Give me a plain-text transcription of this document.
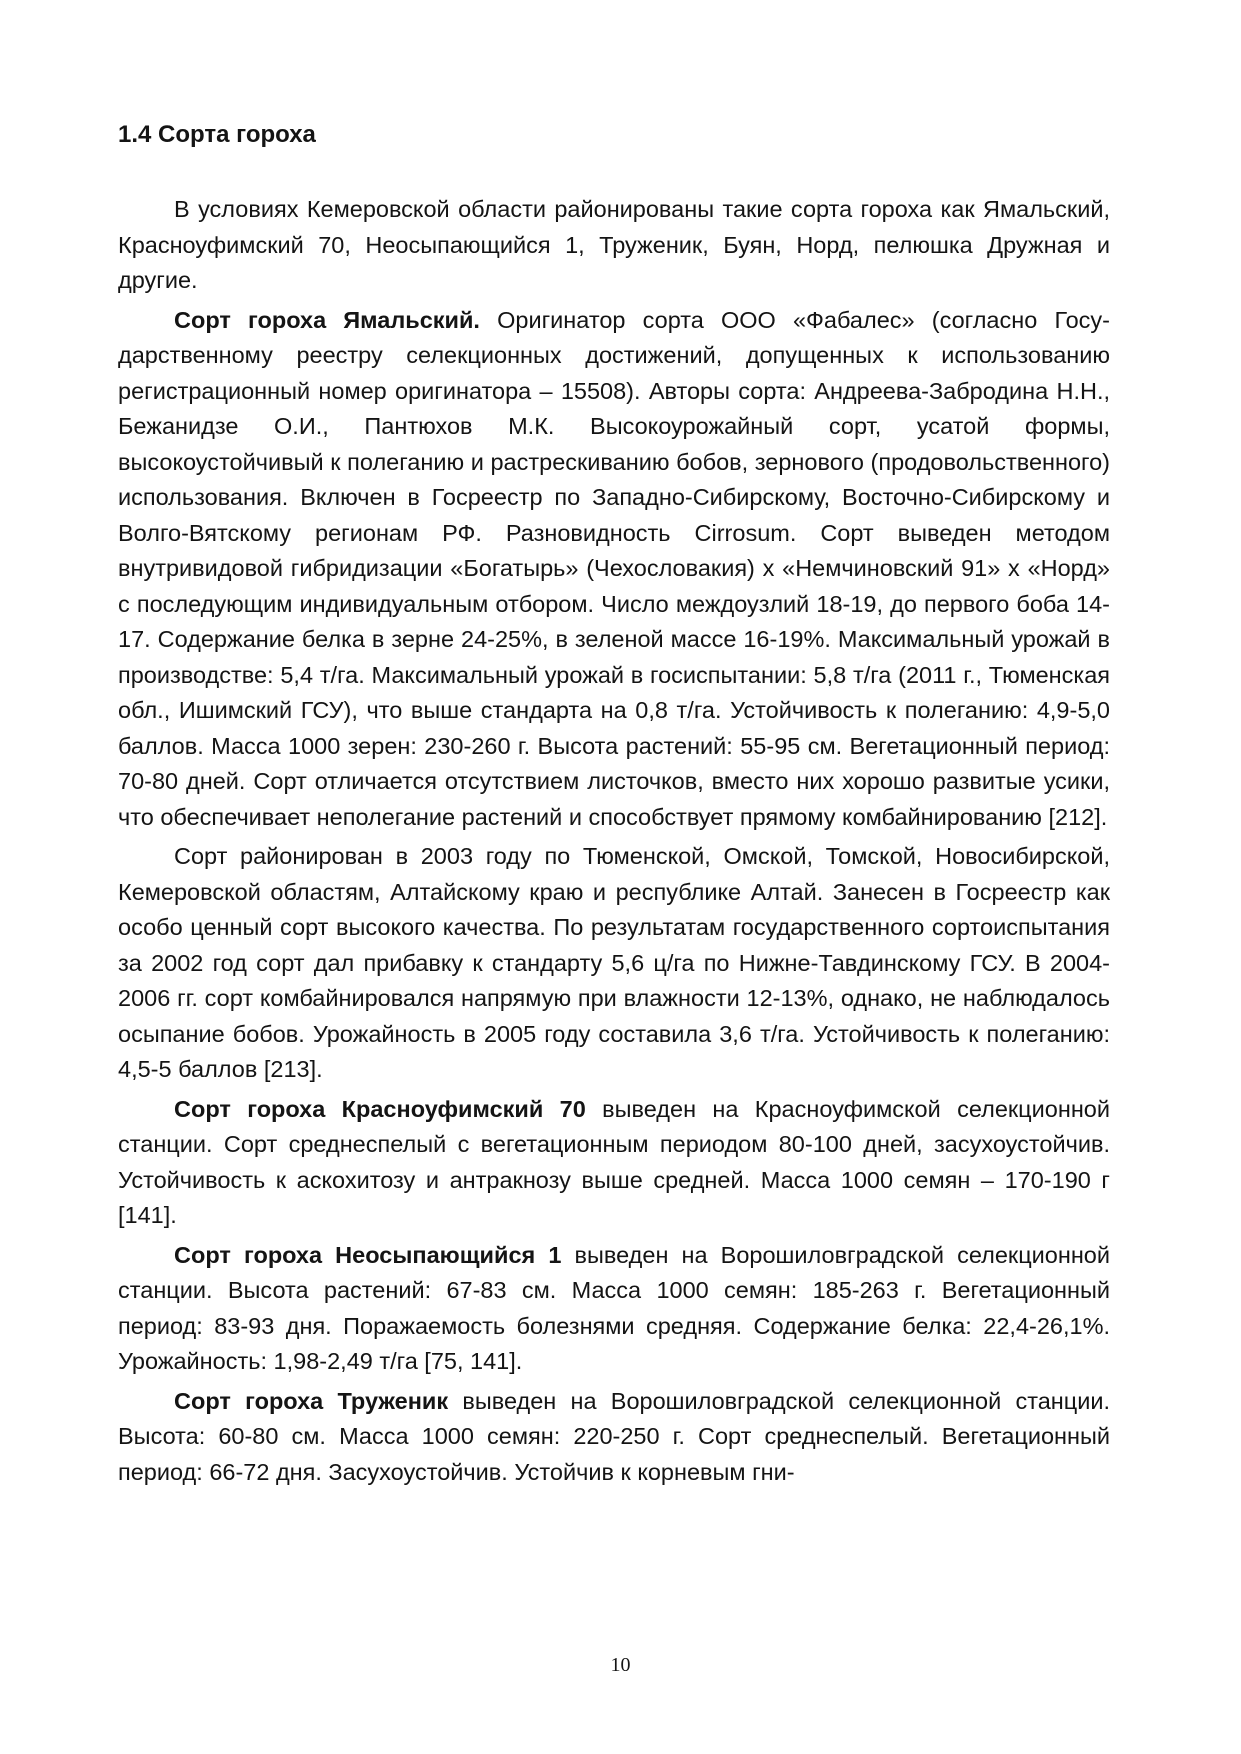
1.4 Сорта гороха

В условиях Кемеровской области районированы такие сорта гороха как Ямальский, Красноуфимский 70, Неосыпающийся 1, Труженик, Буян, Норд, пелюшка Дружная и другие.

Сорт гороха Ямальский. Оригинатор сорта ООО «Фабалес» (согласно Государственному реестру селекционных достижений, допущенных к использованию регистрационный номер оригинатора – 15508). Авторы сорта: Андреева-Забродина Н.Н., Бежанидзе О.И., Пантюхов М.К. Высокоурожайный сорт, усатой формы, высокоустойчивый к полеганию и растрескиванию бобов, зернового (продовольственного) использования. Включен в Госреестр по Западно-Сибирскому, Восточно-Сибирскому и Волго-Вятскому регионам РФ. Разновидность Cirrosum. Сорт выведен методом внутривидовой гибридизации «Богатырь» (Чехословакия) x «Немчиновский 91» x «Норд» с последующим индивидуальным отбором. Число междоузлий 18-19, до первого боба 14-17. Содержание белка в зерне 24-25%, в зеленой массе 16-19%. Максимальный урожай в производстве: 5,4 т/га. Максимальный урожай в госиспытании: 5,8 т/га (2011 г., Тюменская обл., Ишимский ГСУ), что выше стандарта на 0,8 т/га. Устойчивость к полеганию: 4,9-5,0 баллов. Масса 1000 зерен: 230-260 г. Высота растений: 55-95 см. Вегетационный период: 70-80 дней. Сорт отличается отсутствием листочков, вместо них хорошо развитые усики, что обеспечивает неполегание растений и способствует прямому комбайнированию [212].

Сорт районирован в 2003 году по Тюменской, Омской, Томской, Новосибирской, Кемеровской областям, Алтайскому краю и республике Алтай. Занесен в Госреестр как особо ценный сорт высокого качества. По результатам государственного сортоиспытания за 2002 год сорт дал прибавку к стандарту 5,6 ц/га по Нижне-Тавдинскому ГСУ. В 2004-2006 гг. сорт комбайнировался напрямую при влажности 12-13%, однако, не наблюдалось осыпание бобов. Урожайность в 2005 году составила 3,6 т/га. Устойчивость к полеганию: 4,5-5 баллов [213].

Сорт гороха Красноуфимский 70 выведен на Красноуфимской селекционной станции. Сорт среднеспелый с вегетационным периодом 80-100 дней, засухоустойчив. Устойчивость к аскохитозу и антракнозу выше средней. Масса 1000 семян – 170-190 г [141].

Сорт гороха Неосыпающийся 1 выведен на Ворошиловградской селекционной станции. Высота растений: 67-83 см. Масса 1000 семян: 185-263 г. Вегетационный период: 83-93 дня. Поражаемость болезнями средняя. Содержание белка: 22,4-26,1%. Урожайность: 1,98-2,49 т/га [75, 141].

Сорт гороха Труженик выведен на Ворошиловградской селекционной станции. Высота: 60-80 см. Масса 1000 семян: 220-250 г. Сорт среднеспелый. Вегетационный период: 66-72 дня. Засухоустойчив. Устойчив к корневым гни-

10
